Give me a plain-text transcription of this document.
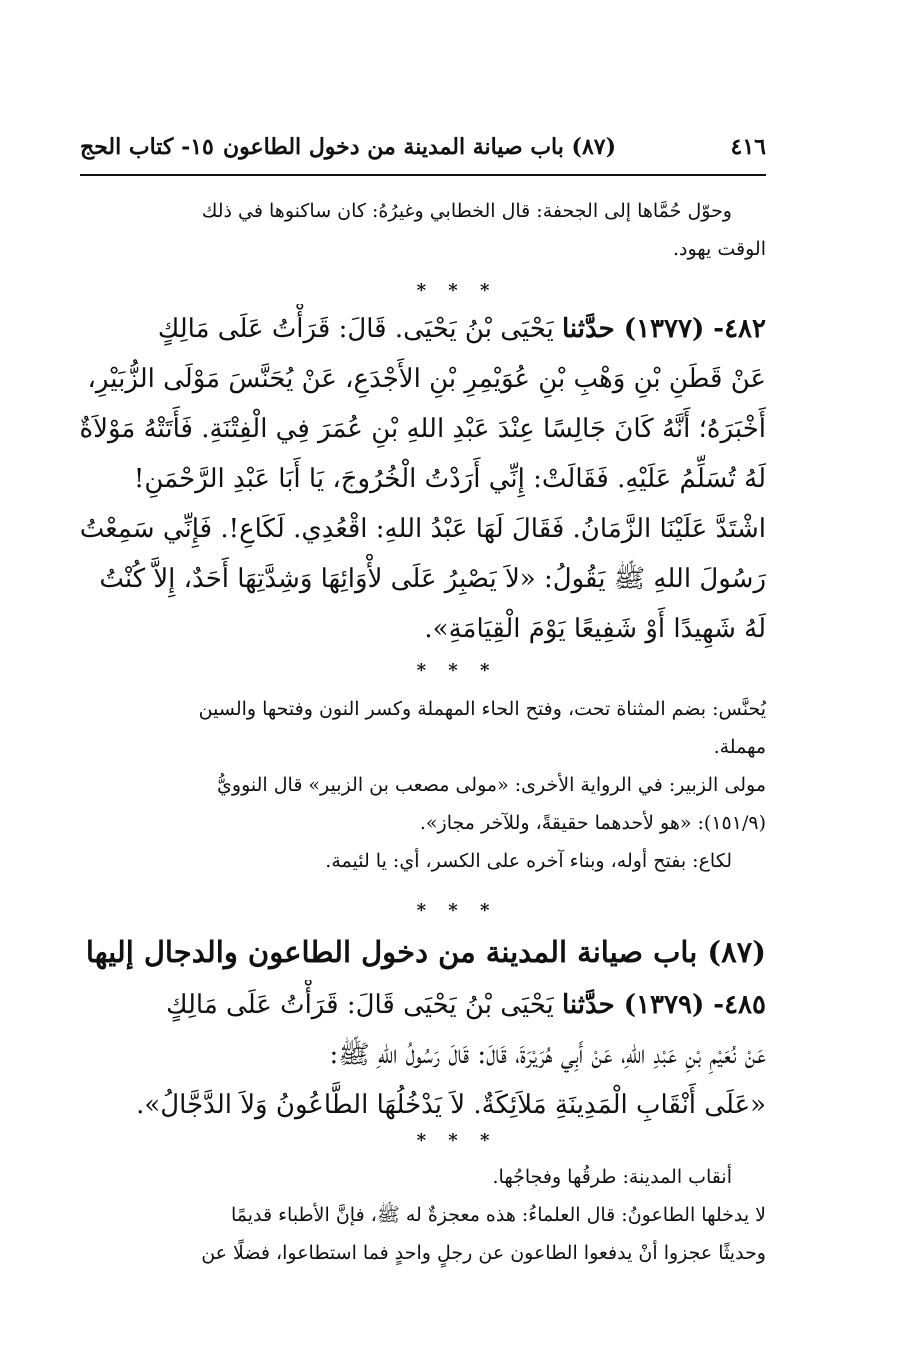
٤١٦
(٨٧) باب صيانة المدينة من دخول الطاعون
١٥- كتاب الحج
وحوّل حُمَّاها إلى الجحفة: قال الخطابي وغيرُهُ: كان ساكنوها في ذلك
الوقت يهود.
* * *
٤٨٢- (١٣٧٧) حدَّثنا يَحْيَى بْنُ يَحْيَى. قَالَ: قَرَأْتُ عَلَى مَالِكٍ
عَنْ قَطَنِ بْنِ وَهْبِ بْنِ عُوَيْمِرِ بْنِ الأَجْدَعِ، عَنْ يُحَنَّسَ مَوْلَى الزُّبَيْرِ،
أَخْبَرَهُ؛ أَنَّهُ كَانَ جَالِسًا عِنْدَ عَبْدِ اللهِ بْنِ عُمَرَ فِي الْفِتْنَةِ. فَأَتَتْهُ مَوْلاَةٌ
لَهُ تُسَلِّمُ عَلَيْهِ. فَقَالَتْ: إِنِّي أَرَدْتُ الْخُرُوجَ، يَا أَبَا عَبْدِ الرَّحْمَنِ!
اشْتَدَّ عَلَيْنَا الزَّمَانُ. فَقَالَ لَهَا عَبْدُ اللهِ: اقْعُدِي. لَكَاعِ!. فَإِنِّي سَمِعْتُ
رَسُولَ اللهِ ﷺ يَقُولُ: «لاَ يَصْبِرُ عَلَى لأْوَائِهَا وَشِدَّتِهَا أَحَدٌ، إِلاَّ كُنْتُ
لَهُ شَهِيدًا أَوْ شَفِيعًا يَوْمَ الْقِيَامَةِ».
* * *
يُحنَّس: بضم المثناة تحت، وفتح الحاء المهملة وكسر النون وفتحها والسين
مهملة.
مولى الزبير: في الرواية الأخرى: «مولى مصعب بن الزبير» قال النوويُّ
(١٥١/٩): «هو لأحدهما حقيقةً، وللآخر مجاز».
لكاع: بفتح أوله، وبناء آخره على الكسر، أي: يا لئيمة.
* * *
(٨٧) باب صيانة المدينة من دخول الطاعون والدجال إليها
٤٨٥- (١٣٧٩) حدَّثنا يَحْيَى بْنُ يَحْيَى قَالَ: قَرَأْتُ عَلَى مَالِكٍ
عَنْ نُعَيْمِ بْنِ عَبْدِ اللهِ، عَنْ أَبِي هُرَيْرَةَ، قَالَ: قَالَ رَسُولُ اللهِ ﷺ:
«عَلَى أَنْقَابِ الْمَدِينَةِ مَلاَئِكَةٌ. لاَ يَدْخُلُهَا الطَّاعُونُ وَلاَ الدَّجَّالُ».
* * *
أنقاب المدينة: طرقُها وفجاجُها.
لا يدخلها الطاعونُ: قال العلماءُ: هذه معجزةٌ له ﷺ، فإنَّ الأطباء قديمًا
وحديثًا عجزوا أنْ يدفعوا الطاعون عن رجلٍ واحدٍ فما استطاعوا، فضلًا عن
